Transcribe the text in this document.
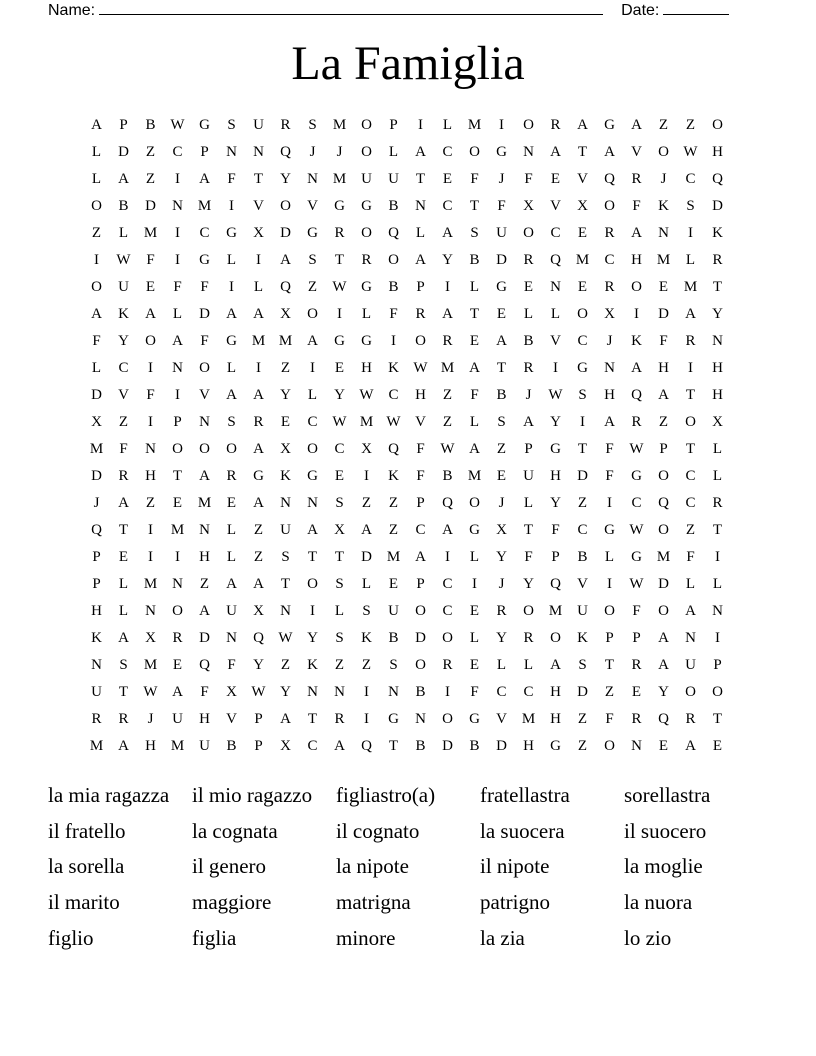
Name:	Date:
La Famiglia
A	P	B W G	S	U	R	S	M O	P	I	L	M	I	O	R	A	G	A	Z	Z	O
L	D	Z	C	P	N	N	Q	J	J	O	L	A	C	O	G	N	A	T	A	V	O W H
L	A	Z	I	A	F	T	Y	N M U	U	T	E	F	J	F	E	V	Q	R	J	C	Q
O	B	D	N M	I	V	O	V	G	G	B	N	C	T	F	X	V	X	O	F	K	S	D
Z	L	M	I	C	G	X	D	G	R	O	Q	L	A	S	U	O	C	E	R	A	N	I	K
I	W	F	I	G	L	I	A	S	T	R	O	A	Y	B	D	R	Q M	C	H M	L	R
O	U	E	F	F	I	L	Q	Z	W G	B	P	I	L	G	E	N	E	R	O	E	M	T
A	K	A	L	D	A	A	X	O	I	L	F	R	A	T	E	L	L	O	X	I	D	A	Y
F	Y	O	A	F	G M M A	G	G	I	O	R	E	A	B	V	C	J	K	F	R	N
L	C	I	N	O	L	I	Z	I	E	H	K W M A	T	R	I	G	N	A	H	I	H
D	V	F	I	V	A	A	Y	L	Y W C	H	Z	F	B	J	W	S	H	Q	A	T	H
X	Z	I	P	N	S	R	E	C W M W V	Z	L	S	A	Y	I	A	R	Z	O	X
M	F	N	O	O	O	A	X	O	C	X	Q	F	W A	Z	P	G	T	F	W	P	T	L
D	R	H	T	A	R	G	K	G	E	I	K	F	B	M	E	U	H	D	F	G	O	C	L
J	A	Z	E	M	E	A	N	N	S	Z	Z	P	Q	O	J	L	Y	Z	I	C	Q	C	R
Q	T	I	M N	L	Z	U	A	X	A	Z	C	A	G	X	T	F	C	G W O	Z	T
P	E	I	I	H	L	Z	S	T	T	D M A	I	L	Y	F	P	B	L	G M	F	I
P	L	M N	Z	A	A	T	O	S	L	E	P	C	I	J	Y	Q	V	I	W D	L	L
H	L	N	O	A	U	X	N	I	L	S	U	O	C	E	R	O M U	O	F	O	A	N
K	A	X	R	D	N	Q W Y	S	K	B	D	O	L	Y	R	O	K	P	P	A	N	I
N	S	M	E	Q	F	Y	Z	K	Z	Z	S	O	R	E	L	L	A	S	T	R	A	U	P
U	T	W A	F	X W Y	N	N	I	N	B	I	F	C	C	H	D	Z	E	Y	O	O
R	R	J	U	H	V	P	A	T	R	I	G	N	O	G	V M H	Z	F	R	Q	R	T
M A	H M U	B	P	X	C	A	Q	T	B	D	B	D	H	G	Z	O	N	E	A	E
la mia ragazza	il mio ragazzo	figliastro(a)	fratellastra	sorellastra
il fratello	la cognata	il cognato	la suocera	il suocero
la sorella	il genero	la nipote	il nipote	la moglie
il marito	maggiore	matrigna	patrigno	la nuora
figlio	figlia	minore	la zia	lo zio
